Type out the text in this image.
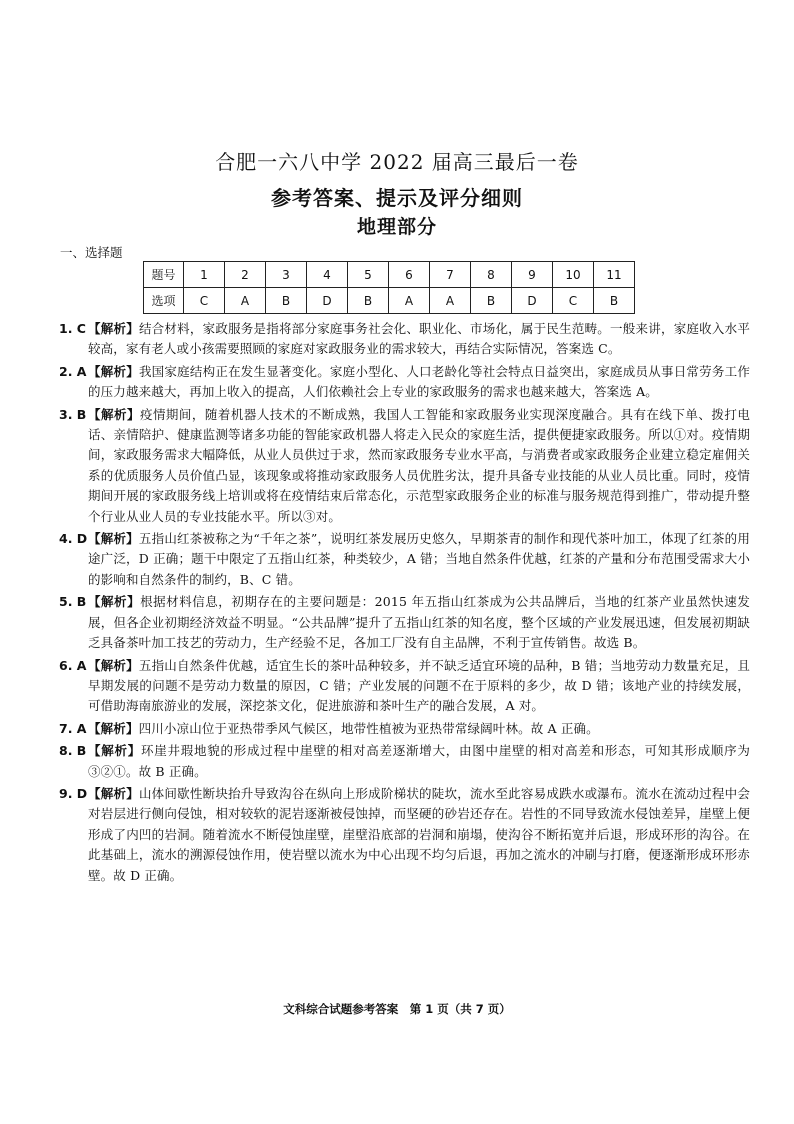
合肥一六八中学 2022 届高三最后一卷
参考答案、提示及评分细则
地理部分
一、选择题
题号	1	2	3	4	5	6	7	8	9	10	11
选项	C	A	B	D	B	A	A	B	D	C	B
1. C 【解析】结合材料，家政服务是指将部分家庭事务社会化、职业化、市场化，属于民生范畴。一般来讲，家庭收入水平较高，家有老人或小孩需要照顾的家庭对家政服务业的需求较大，再结合实际情况，答案选 C。
2. A 【解析】我国家庭结构正在发生显著变化。家庭小型化、人口老龄化等社会特点日益突出，家庭成员从事日常劳务工作的压力越来越大，再加上收入的提高，人们依赖社会上专业的家政服务的需求也越来越大，答案选 A。
3. B 【解析】疫情期间，随着机器人技术的不断成熟，我国人工智能和家政服务业实现深度融合。具有在线下单、拨打电话、亲情陪护、健康监测等诸多功能的智能家政机器人将走入民众的家庭生活，提供便捷家政服务。所以①对。疫情期间，家政服务需求大幅降低，从业人员供过于求，然而家政服务专业水平高，与消费者或家政服务企业建立稳定雇佣关系的优质服务人员价值凸显，该现象或将推动家政服务人员优胜劣汰，提升具备专业技能的从业人员比重。同时，疫情期间开展的家政服务线上培训或将在疫情结束后常态化，示范型家政服务企业的标准与服务规范得到推广，带动提升整个行业从业人员的专业技能水平。所以③对。
4. D 【解析】五指山红茶被称之为“千年之茶”，说明红茶发展历史悠久，早期茶青的制作和现代茶叶加工，体现了红茶的用途广泛，D 正确；题干中限定了五指山红茶，种类较少，A 错；当地自然条件优越，红茶的产量和分布范围受需求大小的影响和自然条件的制约，B、C 错。
5. B 【解析】根据材料信息，初期存在的主要问题是：2015 年五指山红茶成为公共品牌后，当地的红茶产业虽然快速发展，但各企业初期经济效益不明显。“公共品牌”提升了五指山红茶的知名度，整个区域的产业发展迅速，但发展初期缺乏具备茶叶加工技艺的劳动力，生产经验不足，各加工厂没有自主品牌，不利于宣传销售。故选 B。
6. A 【解析】五指山自然条件优越，适宜生长的茶叶品种较多，并不缺乏适宜环境的品种，B 错；当地劳动力数量充足，且早期发展的问题不是劳动力数量的原因，C 错；产业发展的问题不在于原料的多少，故 D 错；该地产业的持续发展，可借助海南旅游业的发展，深挖茶文化，促进旅游和茶叶生产的融合发展，A 对。
7. A 【解析】四川小凉山位于亚热带季风气候区，地带性植被为亚热带常绿阔叶林。故 A 正确。
8. B 【解析】环崖井瑕地貌的形成过程中崖壁的相对高差逐渐增大，由图中崖壁的相对高差和形态，可知其形成顺序为③②①。故 B 正确。
9. D 【解析】山体间歇性断块抬升导致沟谷在纵向上形成阶梯状的陡坎，流水至此容易成跌水或瀑布。流水在流动过程中会对岩层进行侧向侵蚀，相对较软的泥岩逐渐被侵蚀掉，而坚硬的砂岩还存在。岩性的不同导致流水侵蚀差异，崖壁上便形成了内凹的岩洞。随着流水不断侵蚀崖壁，崖壁沿底部的岩洞和崩塌，使沟谷不断拓宽并后退，形成环形的沟谷。在此基础上，流水的溯源侵蚀作用，使岩壁以流水为中心出现不均匀后退，再加之流水的冲刷与打磨，便逐渐形成环形赤壁。故 D 正确。
文科综合试题参考答案　第 1 页（共 7 页）
